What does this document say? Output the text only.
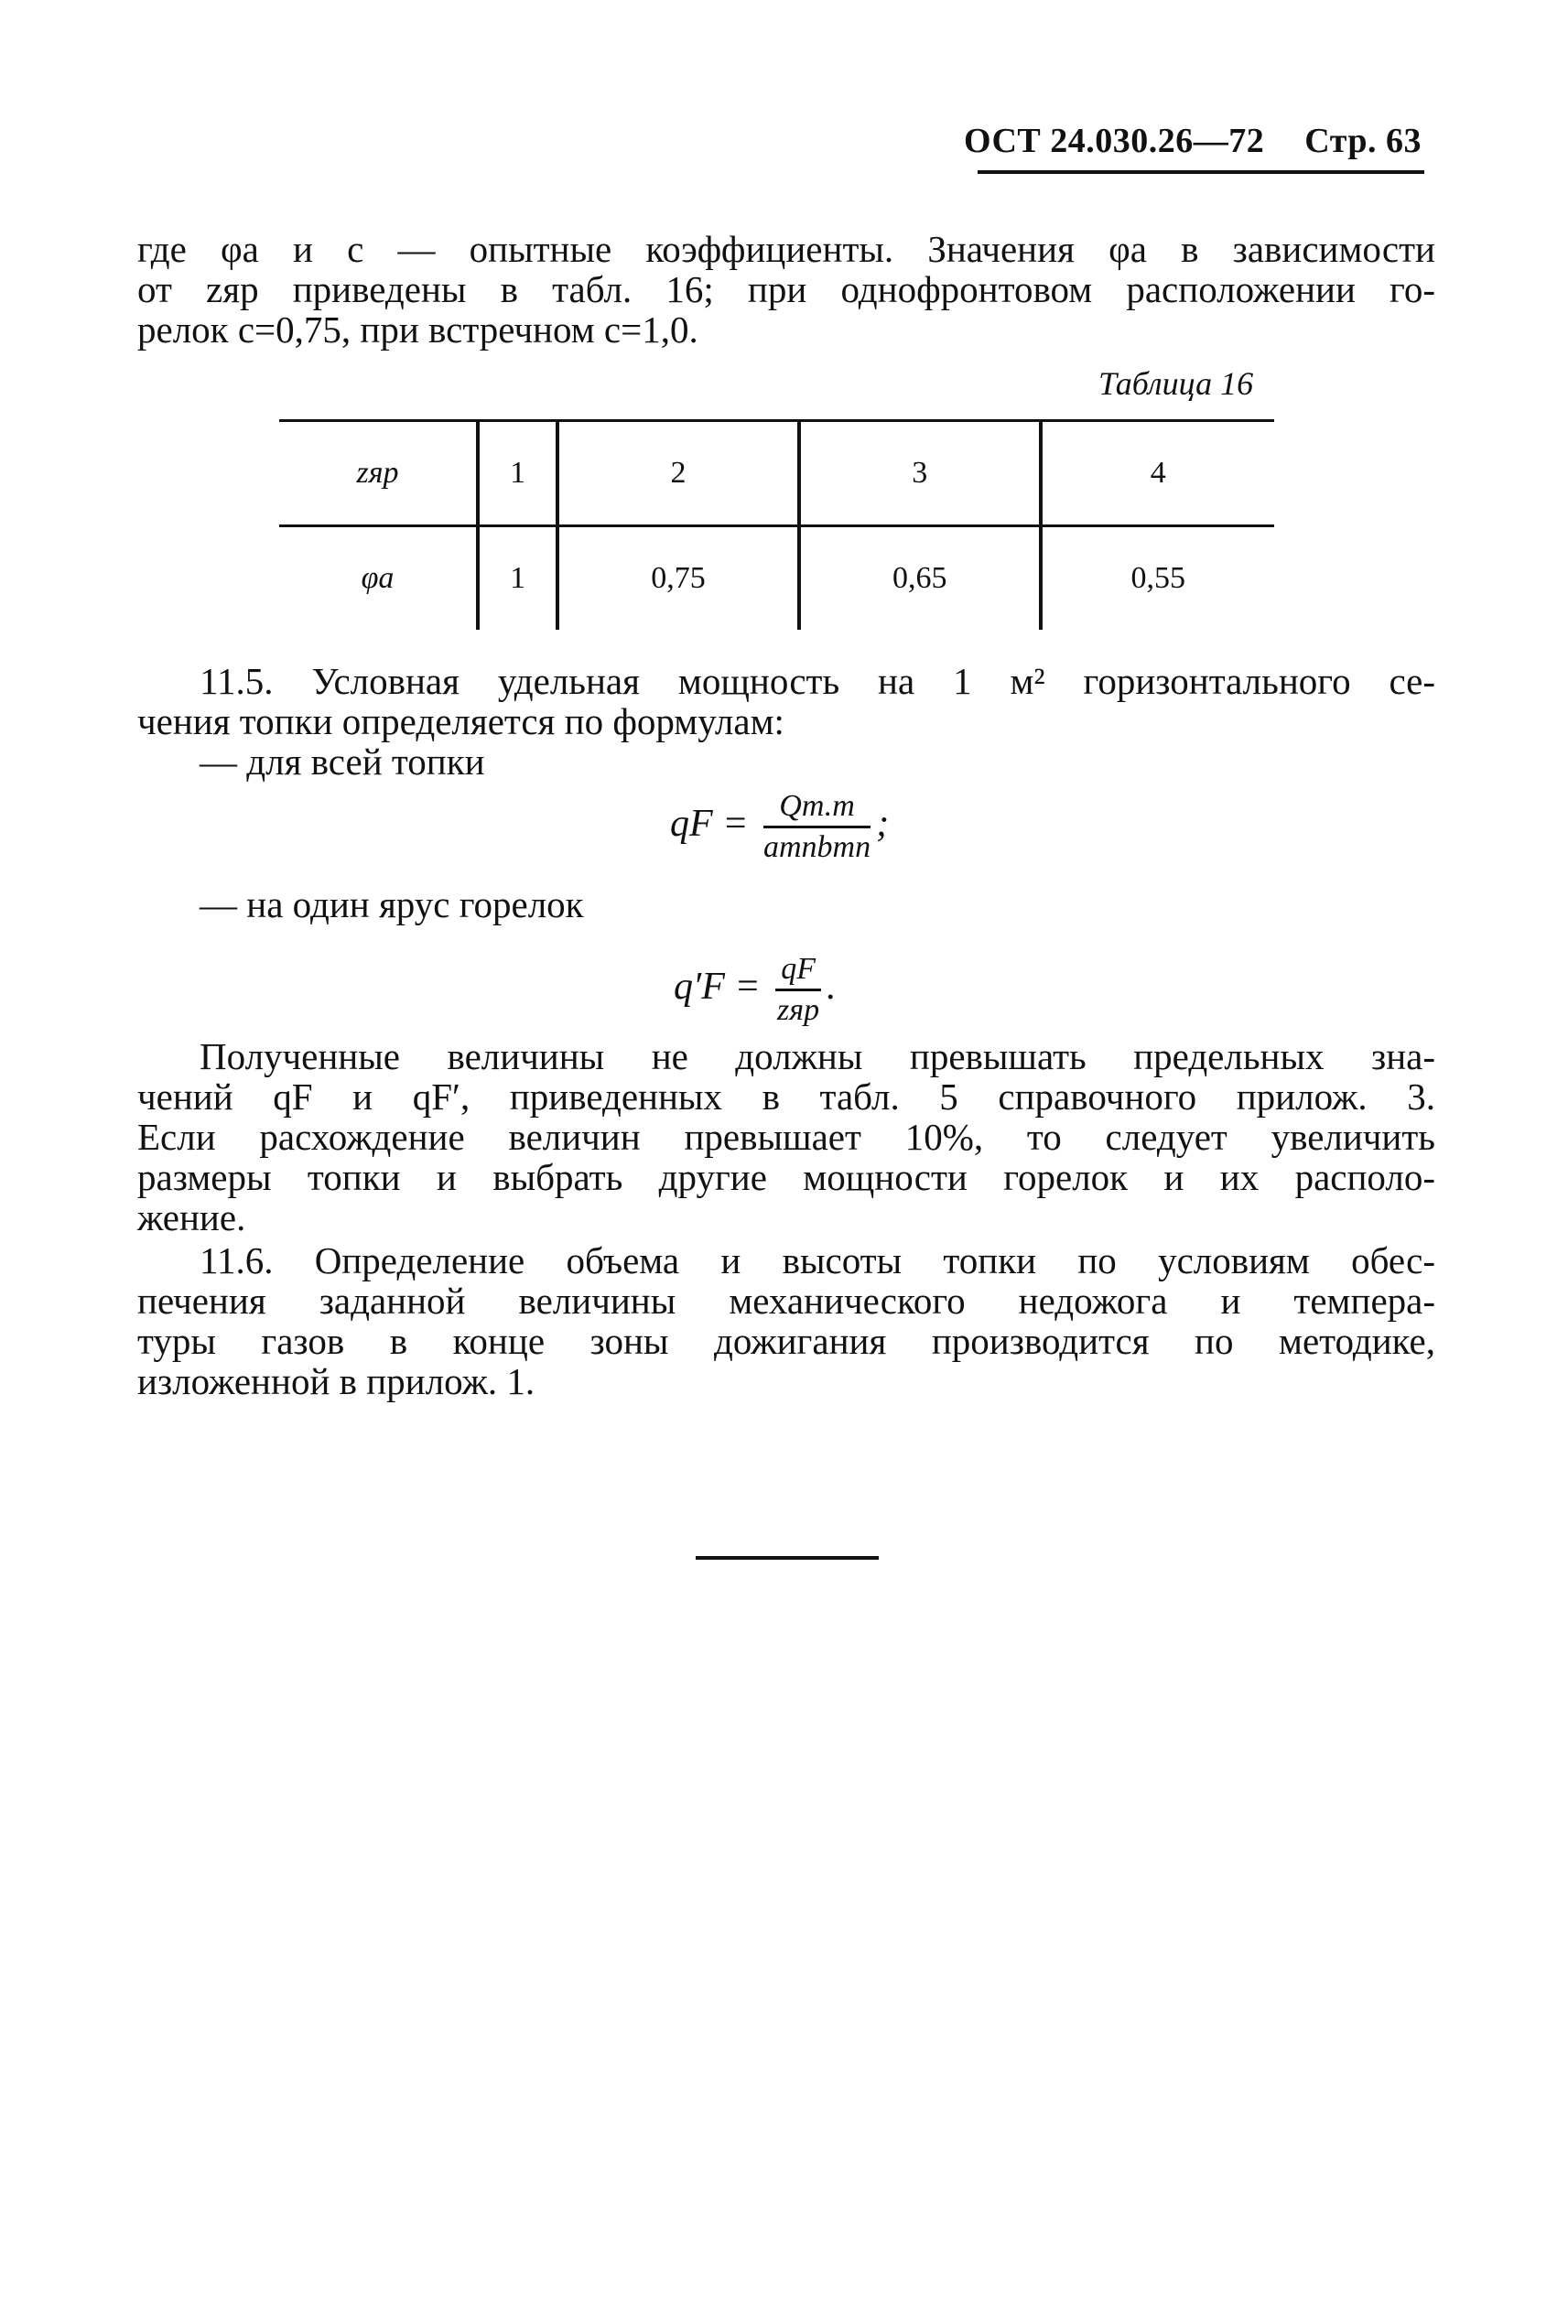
ОСТ 24.030.26—72 Стр. 63
где φa и c — опытные коэффициенты. Значения φa в зависимости
от zяр приведены в табл. 16; при однофронтовом расположении го-
релок c=0,75, при встречном c=1,0.
Таблица 16
zяр	1	2	3	4
φa	1	0,75	0,65	0,55
11.5. Условная удельная мощность на 1 м² горизонтального се-
чения топки определяется по формулам:
— для всей топки
qF = $\frac{Qт.т}{\text{aтпbтп}}$ ;
— на один ярус горелок
$q'F = \frac{qF}{\text{zяр}}$ .
Полученные величины не должны превышать предельных зна-
чений qF и qF′, приведенных в табл. 5 справочного прилож. 3.
Если расхождение величин превышает 10%, то следует увеличить
размеры топки и выбрать другие мощности горелок и их располо-
жение.
11.6. Определение объема и высоты топки по условиям обес-
печения заданной величины механического недожога и темпера-
туры газов в конце зоны дожигания производится по методике,
изложенной в прилож. 1.
